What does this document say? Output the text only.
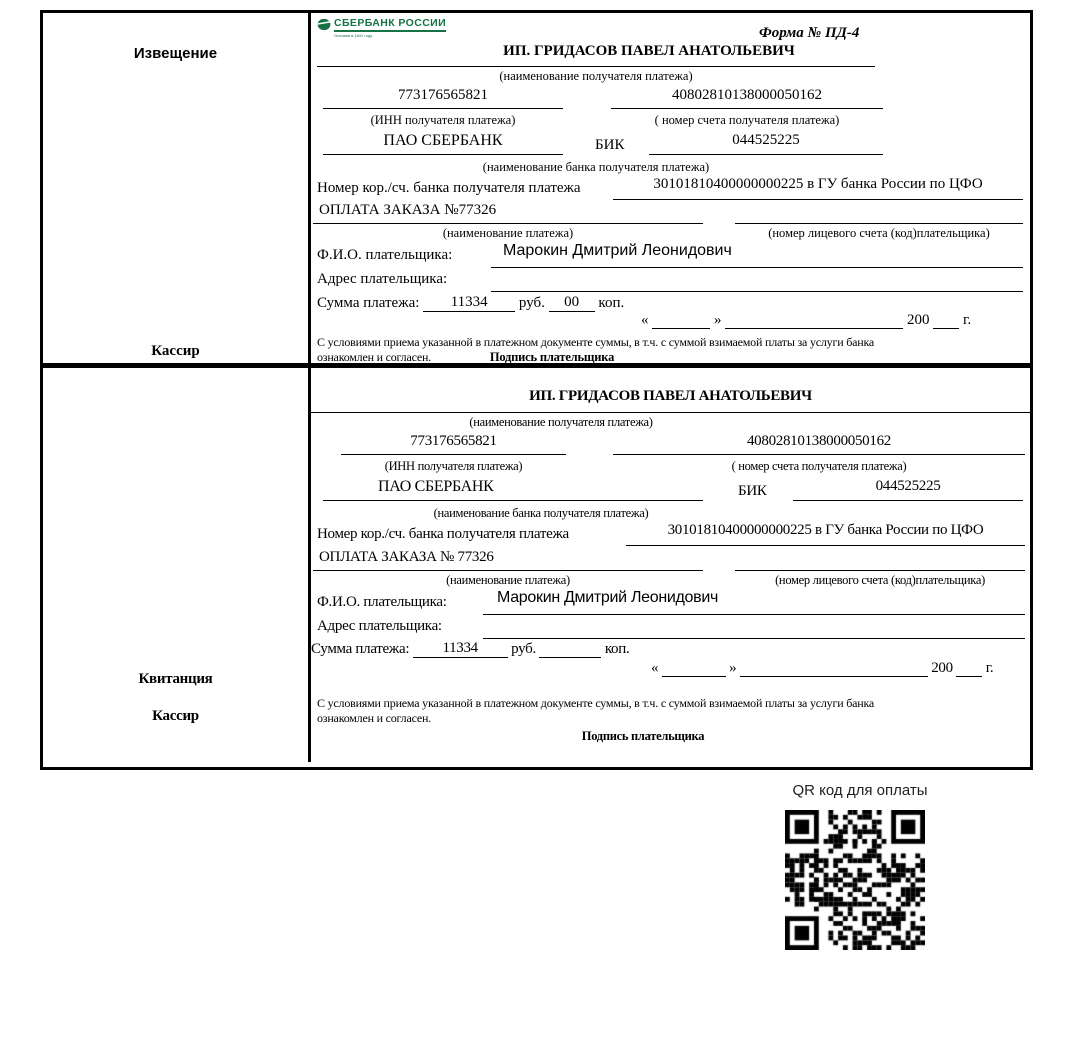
Извещение
Кассир
СБЕРБАНК РОССИИ
Основан в 1841 году	Форма № ПД-4
ИП. ГРИДАСОВ ПАВЕЛ АНАТОЛЬЕВИЧ
(наименование получателя платежа)
773176565821	40802810138000050162
(ИНН получателя платежа)	( номер счета получателя платежа)
ПАО СБЕРБАНК	БИК	044525225
(наименование банка получателя платежа)
Номер кор./сч. банка получателя платежа	30101810400000000225 в ГУ банка России по ЦФО
ОПЛАТА ЗАКАЗА №77326
(наименование платежа)	(номер лицевого счета (код)плательщика)
Ф.И.О. плательщика:	Марокин Дмитрий Леонидович
Адрес плательщика:
Сумма платежа: 11334 руб. 00 коп.
«	»	200 г.
С условиями приема указанной в платежном документе суммы, в т.ч. с суммой взимаемой платы за услуги банка
ознакомлен и согласен.	Подпись плательщика
Квитанция
Кассир
ИП. ГРИДАСОВ ПАВЕЛ АНАТОЛЬЕВИЧ
(наименование получателя платежа)
773176565821	40802810138000050162
(ИНН получателя платежа)	( номер счета получателя платежа)
ПАО СБЕРБАНК	БИК	044525225
(наименование банка получателя платежа)
Номер кор./сч. банка получателя платежа	30101810400000000225 в ГУ банка России по ЦФО
ОПЛАТА ЗАКАЗА № 77326
(наименование платежа)	(номер лицевого счета (код)плательщика)
Ф.И.О. плательщика:	Марокин Дмитрий Леонидович
Адрес плательщика:
Сумма платежа: 11334 руб.	коп.
«	»	200 г.
С условиями приема указанной в платежном документе суммы, в т.ч. с суммой взимаемой платы за услуги банка
ознакомлен и согласен.
Подпись плательщика
QR код для оплаты
